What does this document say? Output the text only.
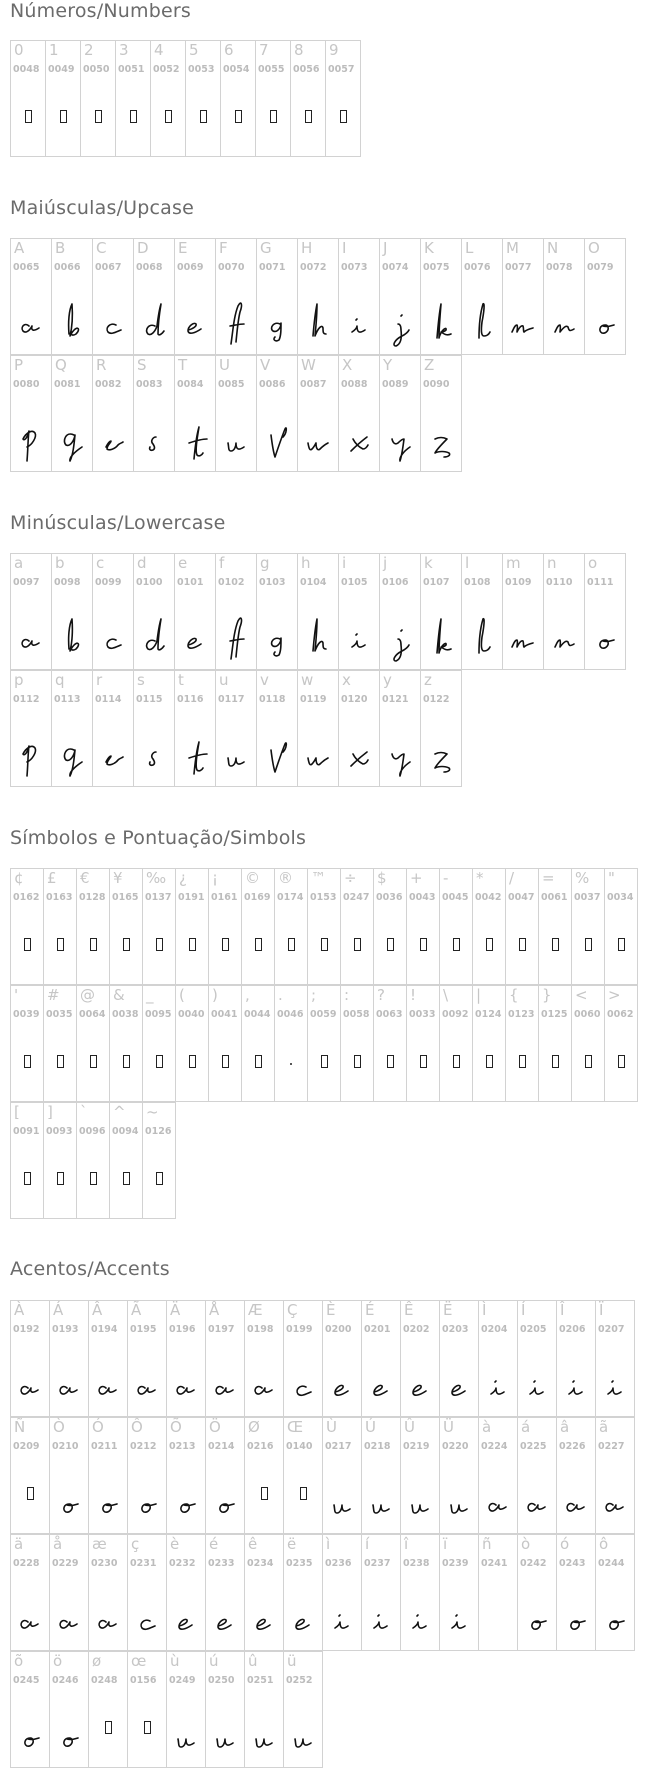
Números/Numbers
Maiúsculas/Upcase
Minúsculas/Lowercase
Símbolos e Pontuação/Simbols
Acentos/Accents
0
0048
1
0049
2
0050
3
0051
4
0052
5
0053
6
0054
7
0055
8
0056
9
0057
A
0065
B
0066
C
0067
D
0068
E
0069
F
0070
G
0071
H
0072
I
0073
J
0074
K
0075
L
0076
M
0077
N
0078
O
0079
P
0080
Q
0081
R
0082
S
0083
T
0084
U
0085
V
0086
W
0087
X
0088
Y
0089
Z
0090
a
0097
b
0098
c
0099
d
0100
e
0101
f
0102
g
0103
h
0104
i
0105
j
0106
k
0107
l
0108
m
0109
n
0110
o
0111
p
0112
q
0113
r
0114
s
0115
t
0116
u
0117
v
0118
w
0119
x
0120
y
0121
z
0122
¢
0162
£
0163
€
0128
¥
0165
‰
0137
¿
0191
¡
0161
©
0169
®
0174
™
0153
÷
0247
$
0036
+
0043
-
0045
*
0042
/
0047
=
0061
%
0037
"
0034
'
0039
#
0035
@
0064
&
0038
_
0095
(
0040
)
0041
,
0044
.
0046
;
0059
:
0058
?
0063
!
0033
\
0092
|
0124
{
0123
}
0125
<
0060
>
0062
[
0091
]
0093
`
0096
^
0094
~
0126
À
0192
Á
0193
Â
0194
Ã
0195
Ä
0196
Å
0197
Æ
0198
Ç
0199
È
0200
É
0201
Ê
0202
Ë
0203
Ì
0204
Í
0205
Î
0206
Ï
0207
Ñ
0209
Ò
0210
Ó
0211
Ô
0212
Õ
0213
Ö
0214
Ø
0216
Œ
0140
Ù
0217
Ú
0218
Û
0219
Ü
0220
à
0224
á
0225
â
0226
ã
0227
ä
0228
å
0229
æ
0230
ç
0231
è
0232
é
0233
ê
0234
ë
0235
ì
0236
í
0237
î
0238
ï
0239
ñ
0241
ò
0242
ó
0243
ô
0244
õ
0245
ö
0246
ø
0248
œ
0156
ù
0249
ú
0250
û
0251
ü
0252
